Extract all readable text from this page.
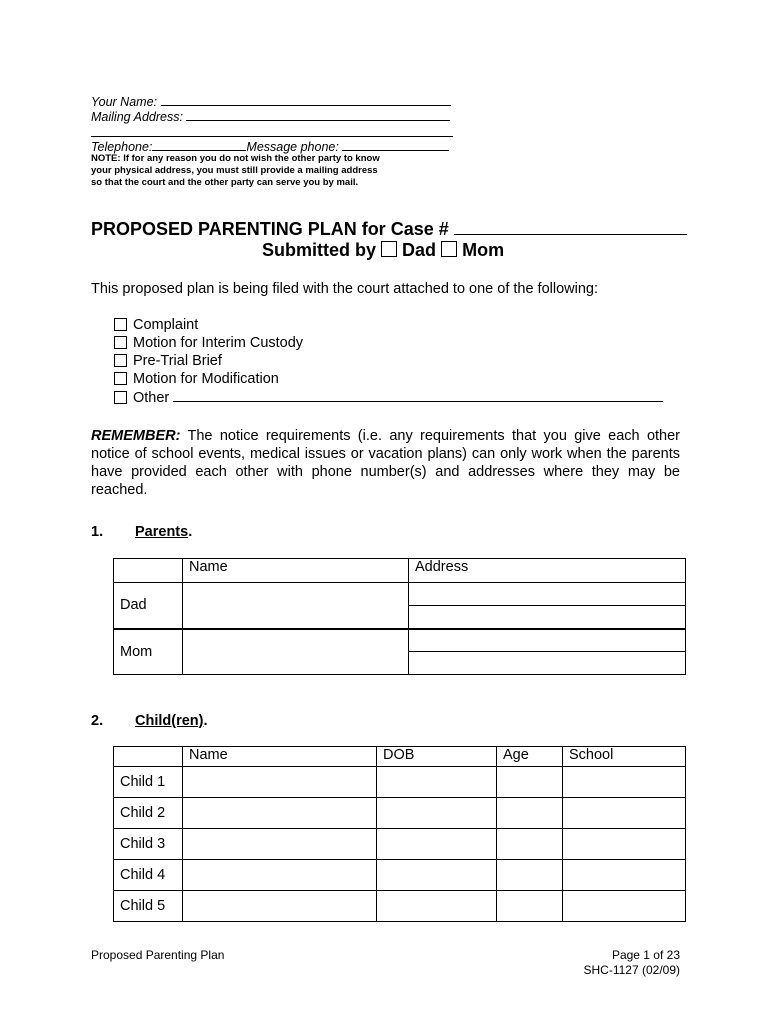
Your Name:
Mailing Address:
Telephone:	Message phone:
NOTE: If for any reason you do not wish the other party to know your physical address, you must still provide a mailing address so that the court and the other party can serve you by mail.
PROPOSED PARENTING PLAN for Case #
Submitted by Dad Mom
This proposed plan is being filed with the court attached to one of the following:
Complaint
Motion for Interim Custody
Pre-Trial Brief
Motion for Modification
Other
REMEMBER: The notice requirements (i.e. any requirements that you give each other notice of school events, medical issues or vacation plans) can only work when the parents have provided each other with phone number(s) and addresses where they may be reached.
1. Parents.
	Name	Address
Dad		

Mom		

2. Child(ren).
	Name	DOB	Age	School
Child 1				
Child 2				
Child 3				
Child 4				
Child 5				
Proposed Parenting Plan	Page 1 of 23
SHC-1127 (02/09)
